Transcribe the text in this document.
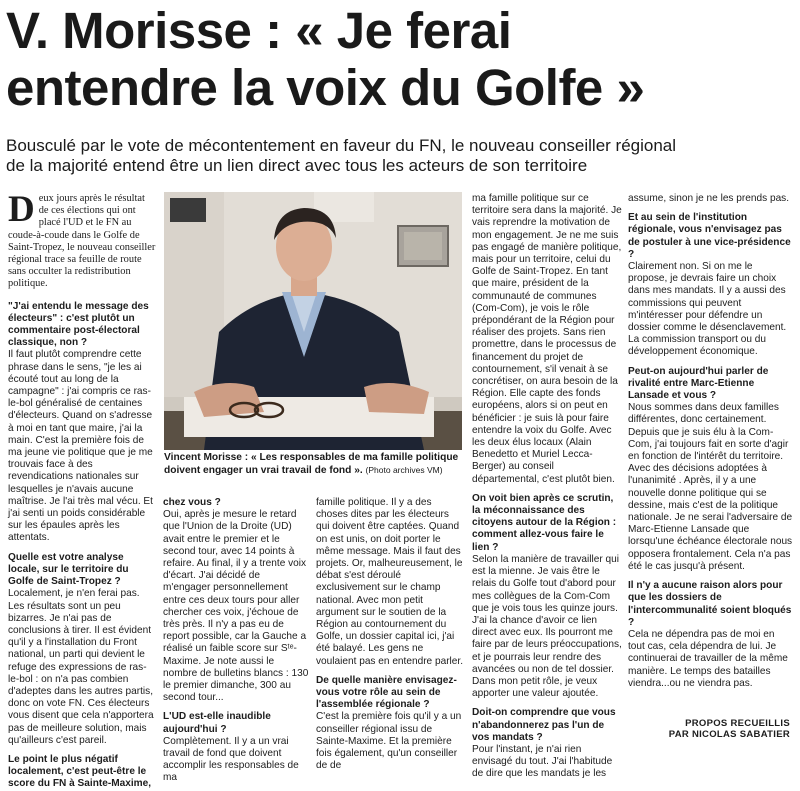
V. Morisse : « Je ferai
entendre la voix du Golfe »
Bousculé par le vote de mécontentement en faveur du FN, le nouveau conseiller régional
de la majorité entend être un lien direct avec tous les acteurs de son territoire

Deux jours après le résultat de ces élections qui ont placé l'UD et le FN au coude-à-coude dans le Golfe de Saint-Tropez, le nouveau conseiller régional trace sa feuille de route sans occulter la redistribution politique.

"J'ai entendu le message des électeurs" : c'est plutôt un commentaire post-électoral classique, non ?

Il faut plutôt comprendre cette phrase dans le sens, "je les ai écouté tout au long de la campagne" : j'ai compris ce ras-le-bol généralisé de centaines d'électeurs. Quand on s'adresse à moi en tant que maire, j'ai la main. C'est la première fois de ma jeune vie politique que je me trouvais face à des revendications nationales sur lesquelles je n'avais aucune maîtrise. Je l'ai très mal vécu. Et j'ai senti un poids considérable sur les épaules après les attentats.

Quelle est votre analyse locale, sur le territoire du Golfe de Saint-Tropez ?

Localement, je n'en ferai pas. Les résultats sont un peu bizarres. Je n'ai pas de conclusions à tirer. Il est évident qu'il y a l'installation du Front national, un parti qui devient le refuge des expressions de ras-le-bol : on n'a pas combien d'adeptes dans les autres partis, donc on vote FN. Ces électeurs vous disent que cela n'apportera pas de meilleure solution, mais qu'ailleurs c'est pareil.

Le point le plus négatif localement, c'est peut-être le score du FN à Sainte-Maxime,

Vincent Morisse : « Les responsables de ma famille politique doivent engager un vrai travail de fond ». (Photo archives VM)

chez vous ?

Oui, après je mesure le retard que l'Union de la Droite (UD) avait entre le premier et le second tour, avec 14 points à refaire. Au final, il y a trente voix d'écart. J'ai décidé de m'engager personnellement entre ces deux tours pour aller chercher ces voix, j'échoue de très près. Il n'y a pas eu de report possible, car la Gauche a réalisé un faible score sur Sᵗᵉ-Maxime. Je note aussi le nombre de bulletins blancs : 130 le premier dimanche, 300 au second tour...

L'UD est-elle inaudible aujourd'hui ?

Complètement. Il y a un vrai travail de fond que doivent accomplir les responsables de ma

famille politique. Il y a des choses dites par les électeurs qui doivent être captées. Quand on est unis, on doit porter le même message. Mais il faut des projets. Or, malheureusement, le débat s'est déroulé exclusivement sur le champ national. Avec mon petit argument sur le soutien de la Région au contournement du Golfe, un dossier capital ici, j'ai été balayé. Les gens ne voulaient pas en entendre parler.

De quelle manière envisagez-vous votre rôle au sein de l'assemblée régionale ?

C'est la première fois qu'il y a un conseiller régional issu de Sainte-Maxime. Et la première fois également, qu'un conseiller de de

ma famille politique sur ce territoire sera dans la majorité. Je vais reprendre la motivation de mon engagement. Je ne me suis pas engagé de manière politique, mais pour un territoire, celui du Golfe de Saint-Tropez. En tant que maire, président de la communauté de communes (Com-Com), je vois le rôle prépondérant de la Région pour réaliser des projets. Sans rien promettre, dans le processus de financement du projet de contournement, s'il venait à se concrétiser, on aura besoin de la Région. Elle capte des fonds européens, alors si on peut en bénéficier : je suis là pour faire entendre la voix du Golfe. Avec les deux élus locaux (Alain Benedetto et Muriel Lecca-Berger) au conseil départemental, c'est plutôt bien.

On voit bien après ce scrutin, la méconnaissance des citoyens autour de la Région : comment allez-vous faire le lien ?

Selon la manière de travailler qui est la mienne. Je vais être le relais du Golfe tout d'abord pour mes collègues de la Com-Com que je vois tous les quinze jours. J'ai la chance d'avoir ce lien direct avec eux. Ils pourront me faire par de leurs préoccupations, et je pourrais leur rendre des avancées ou non de tel dossier. Dans mon petit rôle, je veux apporter une valeur ajoutée.

Doit-on comprendre que vous n'abandonnerez pas l'un de vos mandats ?

Pour l'instant, je n'ai rien envisagé du tout. J'ai l'habitude de dire que les mandats je les

assume, sinon je ne les prends pas.

Et au sein de l'institution régionale, vous n'envisagez pas de postuler à une vice-présidence ?

Clairement non. Si on me le propose, je devrais faire un choix dans mes mandats. Il y a aussi des commissions qui peuvent m'intéresser pour défendre un dossier comme le désenclavement. La commission transport ou du développement économique.

Peut-on aujourd'hui parler de rivalité entre Marc-Etienne Lansade et vous ?

Nous sommes dans deux familles différentes, donc certainement. Depuis que je suis élu à la Com-Com, j'ai toujours fait en sorte d'agir en fonction de l'intérêt du territoire. Avec des décisions adoptées à l'unanimité . Après, il y a une nouvelle donne politique qui se dessine, mais c'est de la politique nationale. Je ne serai l'adversaire de Marc-Etienne Lansade que lorsqu'une échéance électorale nous opposera frontalement. Cela n'a pas été le cas jusqu'à présent.

Il n'y a aucune raison alors pour que les dossiers de l'intercommunalité soient bloqués ?

Cela ne dépendra pas de moi en tout cas, cela dépendra de lui. Je continuerai de travailler de la même manière. Le temps des batailles viendra...ou ne viendra pas.

PROPOS RECUEILLIS
PAR NICOLAS SABATIER
